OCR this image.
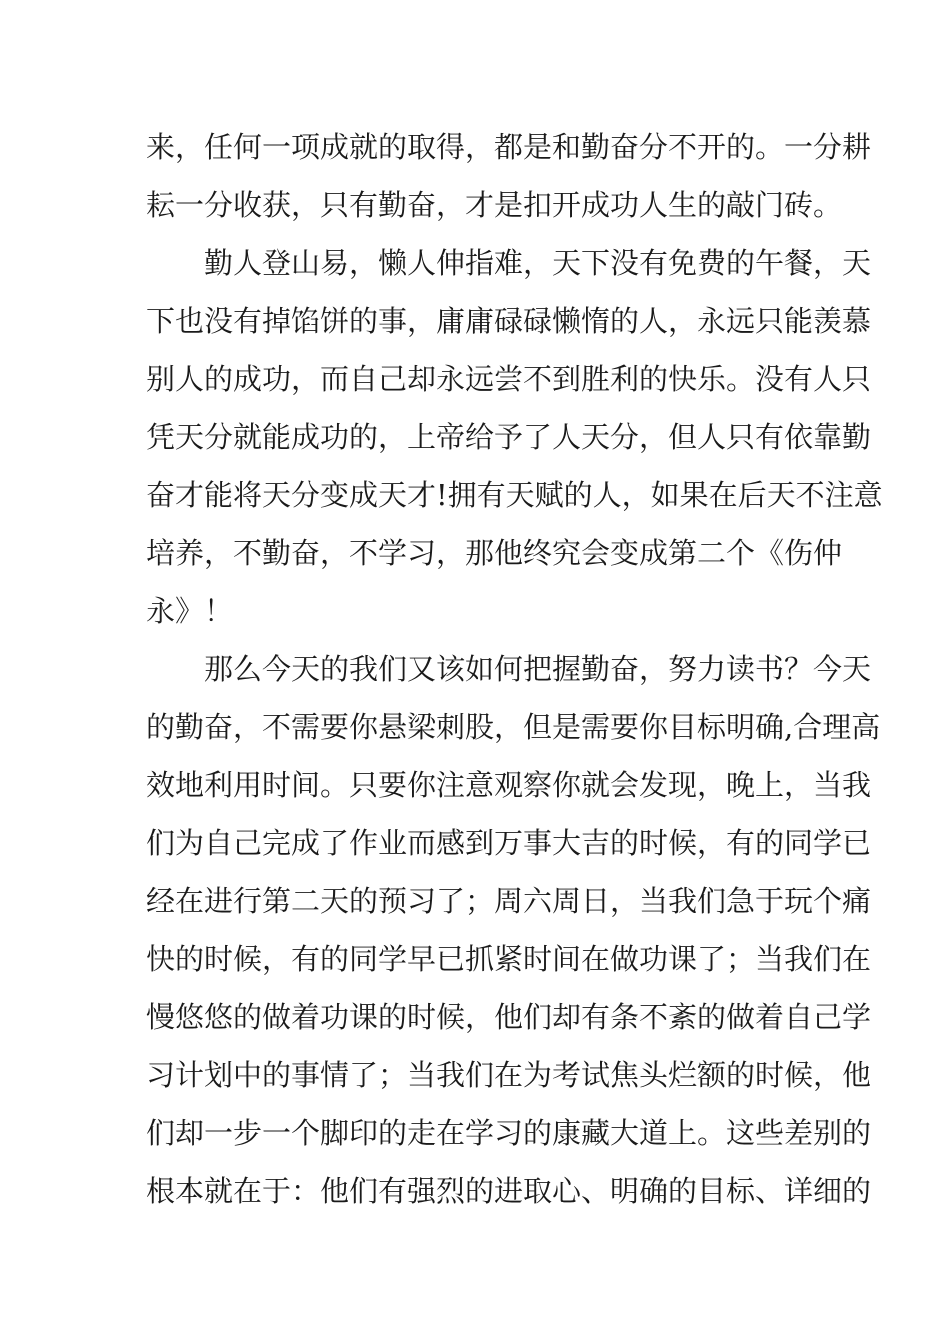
来，任何一项成就的取得，都是和勤奋分不开的。一分耕
耘一分收获，只有勤奋，才是扣开成功人生的敲门砖。
勤人登山易，懒人伸指难，天下没有免费的午餐，天
下也没有掉馅饼的事，庸庸碌碌懒惰的人，永远只能羡慕
别人的成功，而自己却永远尝不到胜利的快乐。没有人只
凭天分就能成功的，上帝给予了人天分，但人只有依靠勤
奋才能将天分变成天才!拥有天赋的人，如果在后天不注意
培养，不勤奋，不学习，那他终究会变成第二个《伤仲
永》！
那么今天的我们又该如何把握勤奋，努力读书？今天
的勤奋，不需要你悬梁刺股，但是需要你目标明确,合理高
效地利用时间。只要你注意观察你就会发现，晚上，当我
们为自己完成了作业而感到万事大吉的时候，有的同学已
经在进行第二天的预习了；周六周日，当我们急于玩个痛
快的时候，有的同学早已抓紧时间在做功课了；当我们在
慢悠悠的做着功课的时候，他们却有条不紊的做着自己学
习计划中的事情了；当我们在为考试焦头烂额的时候，他
们却一步一个脚印的走在学习的康藏大道上。这些差别的
根本就在于：他们有强烈的进取心、明确的目标、详细的
